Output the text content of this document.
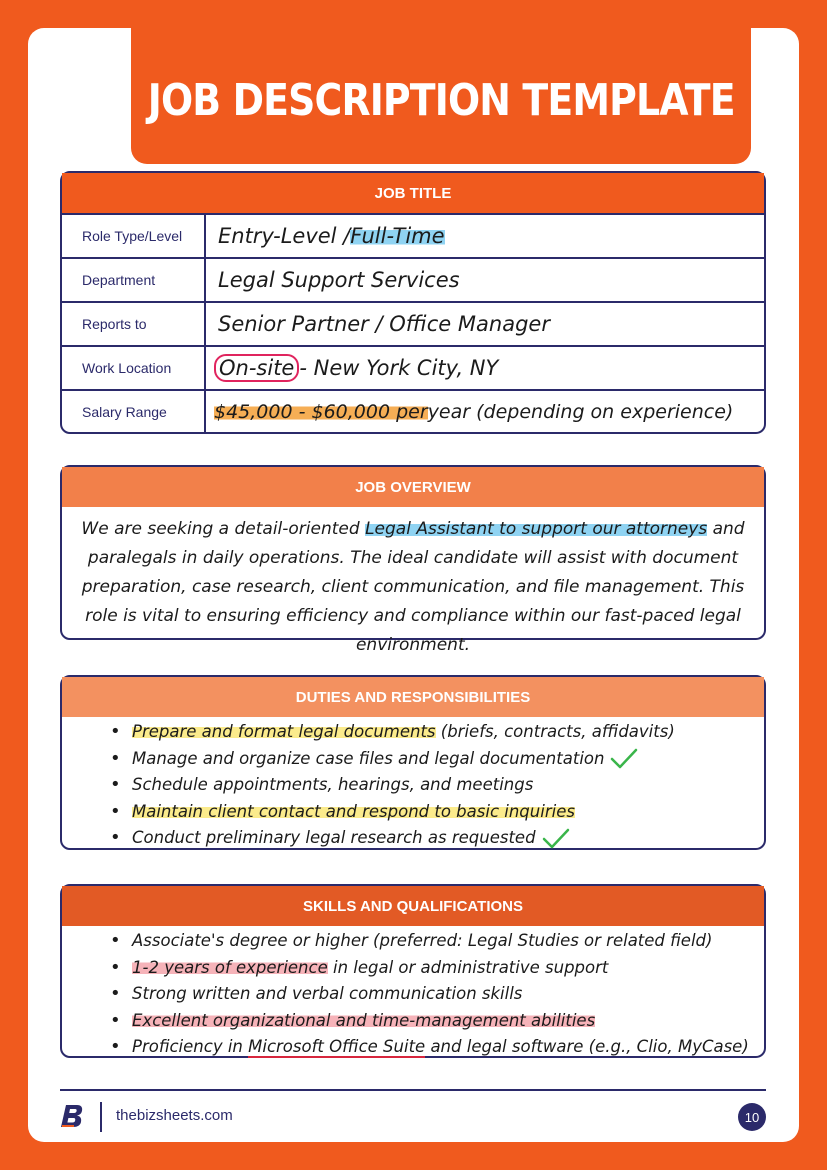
JOB DESCRIPTION TEMPLATE
JOB TITLE
Role Type/Level	Entry-Level / Full-Time
Department	Legal Support Services
Reports to	Senior Partner / Office Manager
Work Location	On-site - New York City, NY
Salary Range	$45,000 - $60,000 per year (depending on experience)
JOB OVERVIEW
We are seeking a detail-oriented Legal Assistant to support our attorneys and paralegals in daily operations. The ideal candidate will assist with document preparation, case research, client communication, and file management. This role is vital to ensuring efficiency and compliance within our fast-paced legal environment.
DUTIES AND RESPONSIBILITIES
• Prepare and format legal documents (briefs, contracts, affidavits)
• Manage and organize case files and legal documentation
• Schedule appointments, hearings, and meetings
• Maintain client contact and respond to basic inquiries
• Conduct preliminary legal research as requested
SKILLS AND QUALIFICATIONS
• Associate's degree or higher (preferred: Legal Studies or related field)
• 1-2 years of experience in legal or administrative support
• Strong written and verbal communication skills
• Excellent organizational and time-management abilities
• Proficiency in Microsoft Office Suite and legal software (e.g., Clio, MyCase)
thebizsheets.com	10
